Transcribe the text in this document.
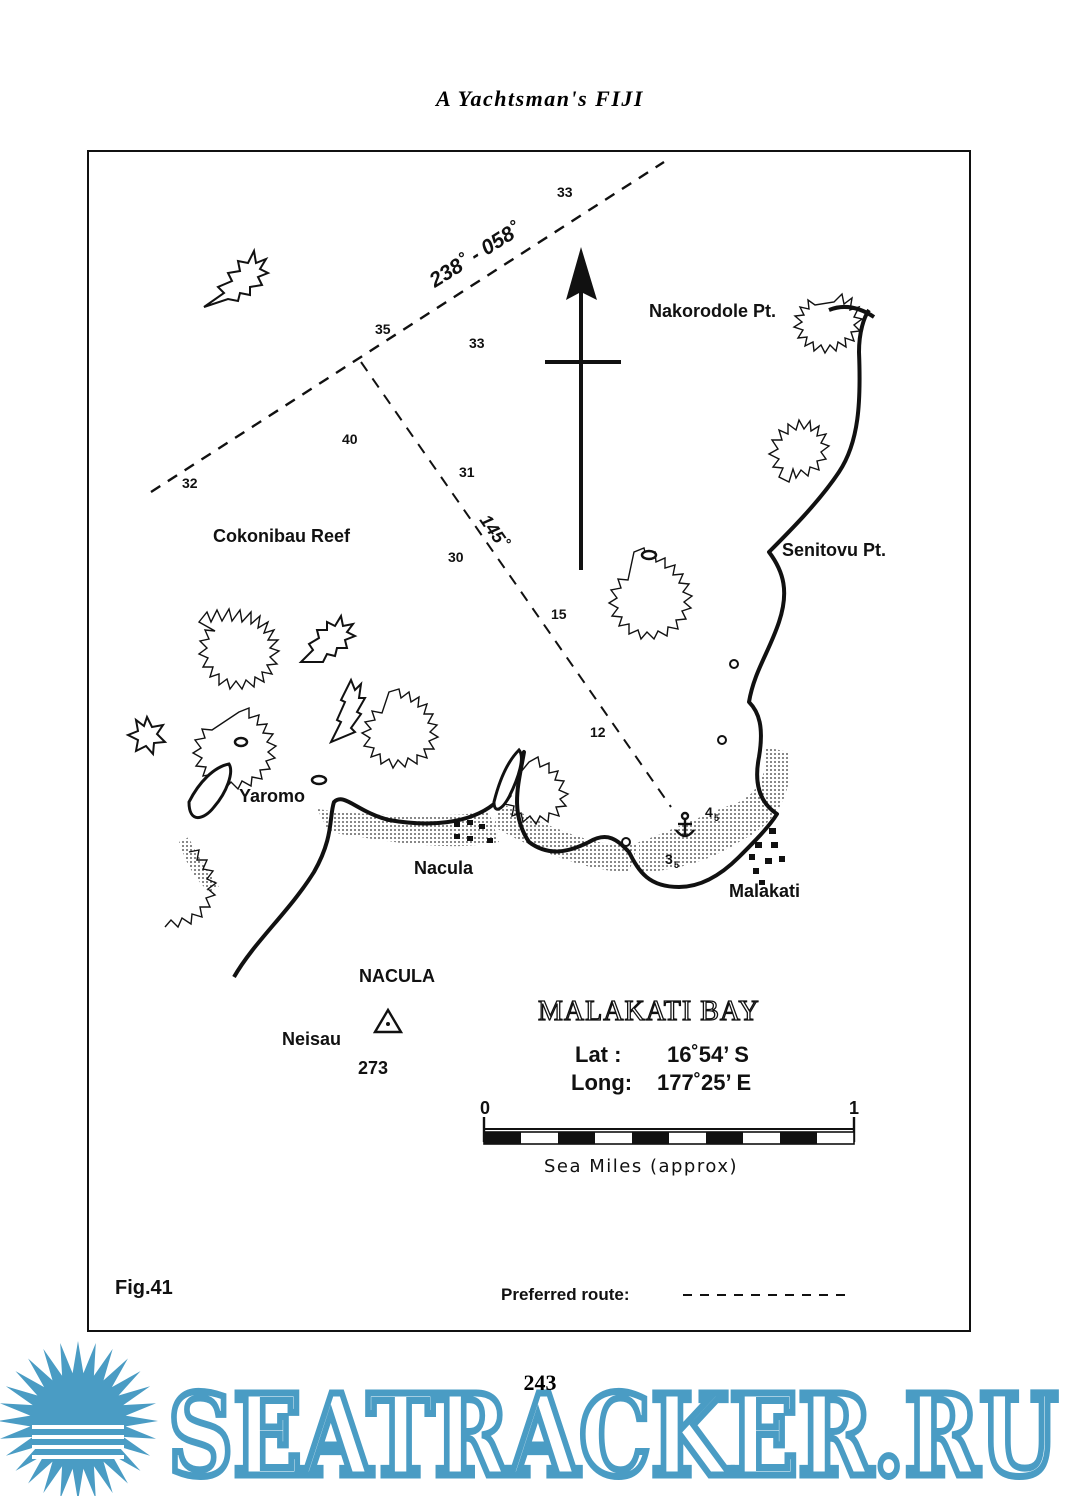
A Yachtsman's FIJI
238˚ - 058˚
145˚
33
35
33
40
32
31
30
15
12
4 5
3 5
Nakorodole Pt.
Senitovu Pt.
Cokonibau Reef
Yaromo
Nacula
Malakati
NACULA
Neisau
273
MALAKATI BAY
Lat : 16˚54’ S
Long: 177˚25’ E
0	1
Sea Miles (approx)
Fig.41	Preferred route:
243
SEATRACKER.RU
